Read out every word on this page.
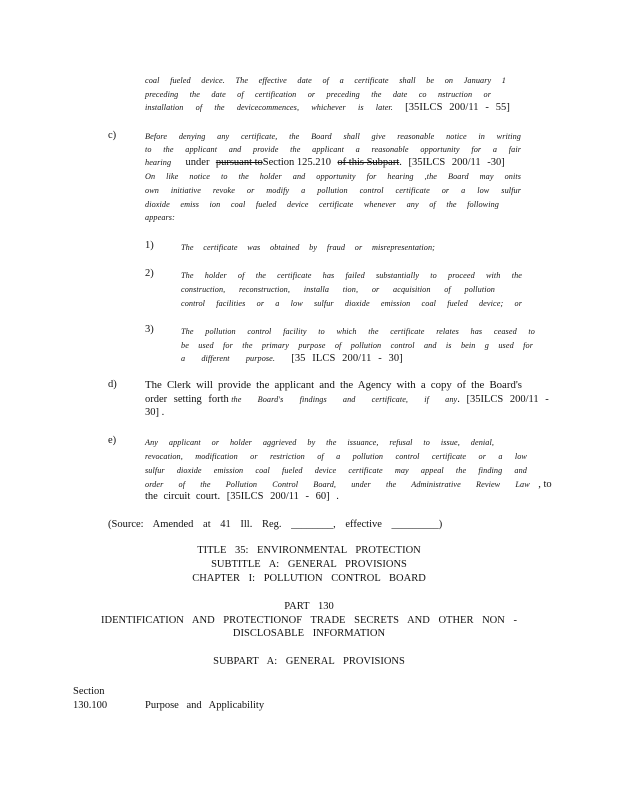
coal fueled device. The effective date of a certificate shall be on January 1
preceding the date of certification or preceding the date co nstruction or
installation of the devicecommences, whichever is later. [35ILCS 200/11 - 55]
c)	Before denying any certificate, the Board shall give reasonable notice in writing
to the applicant and provide the applicant a reasonable opportunity for a fair
hearing under pursuant toSection 125.210 of this Subpart. [35ILCS 200/11 -30]
On like notice to the holder and opportunity for hearing ,the Board may onits
own initiative revoke or modify a pollution control certificate or a low sulfur
dioxide emiss ion coal fueled device certificate whenever any of the following
appears:
1)	The certificate was obtained by fraud or misrepresentation;
2)	The holder of the certificate has failed substantially to proceed with the
construction, reconstruction, installa tion, or acquisition of pollution
control facilities or a low sulfur dioxide emission coal fueled device; or
3)	The pollution control facility to which the certificate relates has ceased to
be used for the primary purpose of pollution control and is bein g used for
a different purpose. [35 ILCS 200/11 - 30]
d)	The Clerk will provide the applicant and the Agency with a copy of the Board's
order setting forth the Board's findings and certificate, if any. [35ILCS 200/11 -
30] .
e)	Any applicant or holder aggrieved by the issuance, refusal to issue, denial,
revocation, modification or restriction of a pollution control certificate or a low
sulfur dioxide emission coal fueled device certificate may appeal the finding and
order of the Pollution Control Board, under the Administrative Review Law , to
the circuit court. [35ILCS 200/11 - 60] .
(Source: Amended at 41 Ill. Reg. ________, effective _________)
TITLE 35: ENVIRONMENTAL PROTECTION
SUBTITLE A: GENERAL PROVISIONS
CHAPTER I: POLLUTION CONTROL BOARD
PART 130
IDENTIFICATION AND PROTECTIONOF TRADE SECRETS AND OTHER NON -
DISCLOSABLE INFORMATION
SUBPART A: GENERAL PROVISIONS
Section
130.100	Purpose and Applicability
